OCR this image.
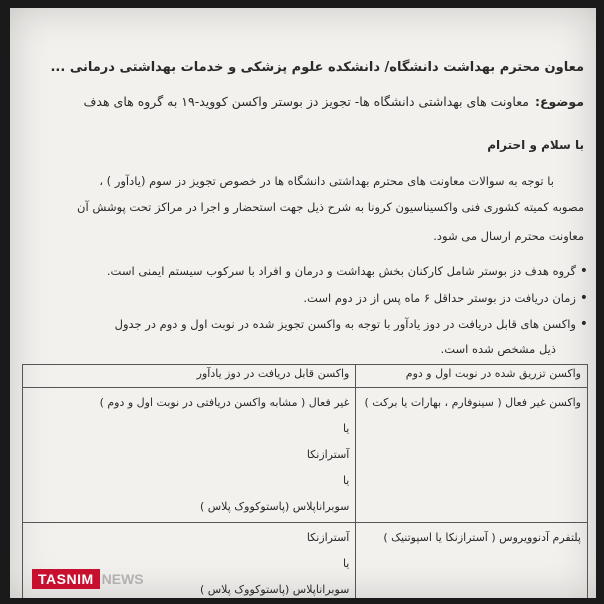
معاون محترم بهداشت دانشگاه/ دانشکده علوم پزشکی و خدمات بهداشتی درمانی ...
موضوع:معاونت های بهداشتی دانشگاه ها- تجویز دز بوستر واکسن کووید-۱۹ به گروه های هدف
با سلام و احترام
با توجه به سوالات معاونت های محترم بهداشتی دانشگاه ها در خصوص تجویز دز سوم (یادآور ) ،
مصوبه کمیته کشوری فنی واکسیناسیون کرونا به شرح ذیل جهت استحضار و اجرا در مراکز تحت پوشش آن
معاونت محترم ارسال می شود.
• گروه هدف دز بوستر شامل کارکنان بخش بهداشت و درمان و افراد با سرکوب سیستم ایمنی است.
• زمان دریافت دز بوستر حداقل ۶ ماه پس از دز دوم است.
• واکسن های قابل دریافت در دوز یادآور با توجه به واکسن تجویز شده در نوبت اول و دوم در جدول
ذیل مشخص شده است.
واکسن تزریق شده در نوبت اول و دوم	واکسن قابل دریافت در دوز یادآور

واکسن غیر فعال ( سینوفارم ، بهارات یا برکت )	غیر فعال ( مشابه واکسن دریافتی در نوبت اول و دوم )
یا
آسترازنکا
یا
سوبراناپلاس (پاستوکووک پلاس )

پلتفرم آدنوویروس ( آسترازنکا یا اسپوتنیک )	آسترازنکا
یا
سوبراناپلاس (پاستوکووک پلاس )
TASNIM NEWS
